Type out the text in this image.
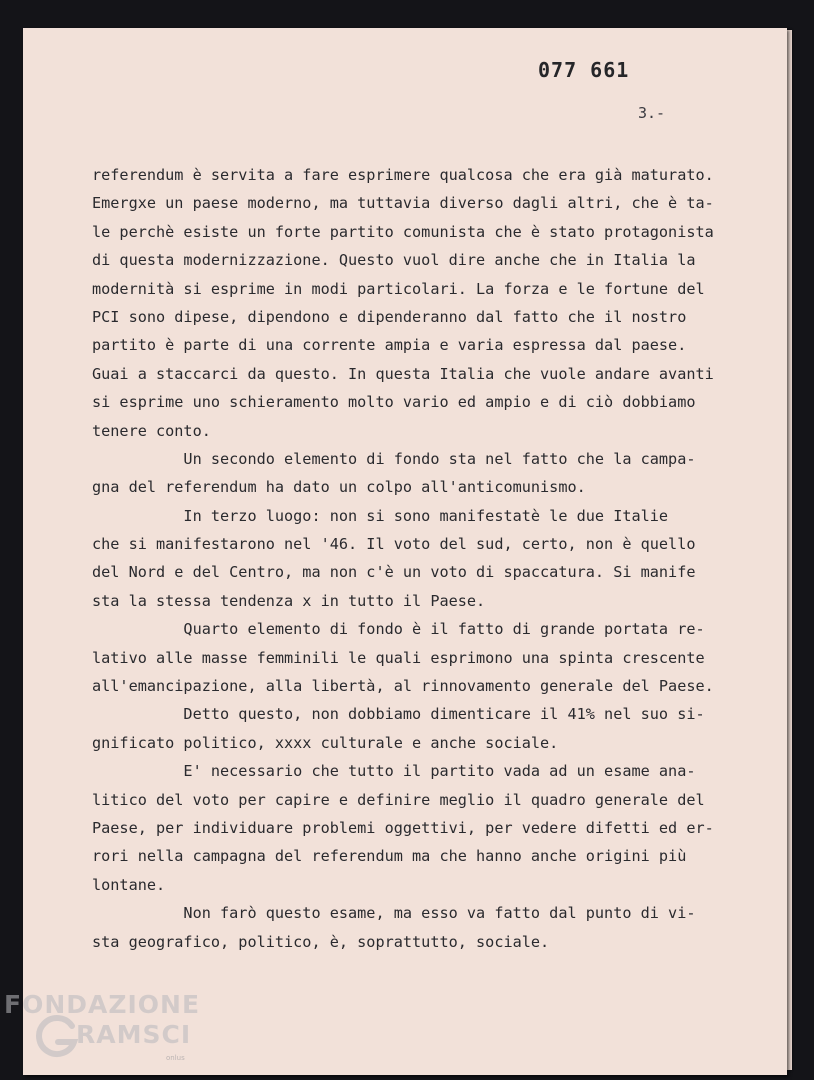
077 661
3.-
referendum è servita a fare esprimere qualcosa che era già maturato.
Emergxe un paese moderno, ma tuttavia diverso dagli altri, che è ta-
le perchè esiste un forte partito comunista che è stato protagonista
di questa modernizzazione. Questo vuol dire anche che in Italia la
modernità si esprime in modi particolari. La forza e le fortune del
PCI sono dipese, dipendono e dipenderanno dal fatto che il nostro
partito è parte di una corrente ampia e varia espressa dal paese.
Guai a staccarci da questo. In questa Italia che vuole andare avanti
si esprime uno schieramento molto vario ed ampio e di ciò dobbiamo
tenere conto.
Un secondo elemento di fondo sta nel fatto che la campa-
gna del referendum ha dato un colpo all'anticomunismo.
In terzo luogo: non si sono manifestatè le due Italie
che si manifestarono nel '46. Il voto del sud, certo, non è quello
del Nord e del Centro, ma non c'è un voto di spaccatura. Si manife
sta la stessa tendenza x in tutto il Paese.
Quarto elemento di fondo è il fatto di grande portata re-
lativo alle masse femminili le quali esprimono una spinta crescente
all'emancipazione, alla libertà, al rinnovamento generale del Paese.
Detto questo, non dobbiamo dimenticare il 41% nel suo si-
gnificato politico, xxxx culturale e anche sociale.
E' necessario che tutto il partito vada ad un esame ana-
litico del voto per capire e definire meglio il quadro generale del
Paese, per individuare problemi oggettivi, per vedere difetti ed er-
rori nella campagna del referendum ma che hanno anche origini più
lontane.
Non farò questo esame, ma esso va fatto dal punto di vi-
sta geografico, politico, è, soprattutto, sociale.
FONDAZIONE
RAMSCI
onlus
